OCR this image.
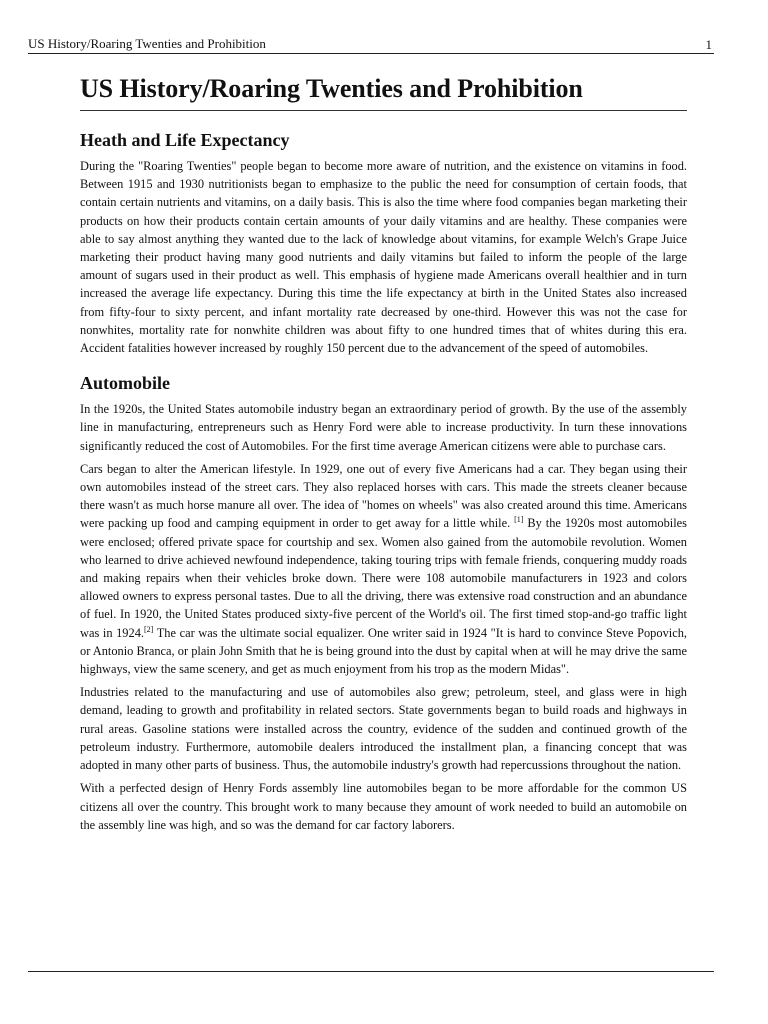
US History/Roaring Twenties and Prohibition	1
US History/Roaring Twenties and Prohibition
Heath and Life Expectancy

During the "Roaring Twenties" people began to become more aware of nutrition, and the existence on vitamins in food. Between 1915 and 1930 nutritionists began to emphasize to the public the need for consumption of certain foods, that contain certain nutrients and vitamins, on a daily basis. This is also the time where food companies began marketing their products on how their products contain certain amounts of your daily vitamins and are healthy. These companies were able to say almost anything they wanted due to the lack of knowledge about vitamins, for example Welch's Grape Juice marketing their product having many good nutrients and daily vitamins but failed to inform the people of the large amount of sugars used in their product as well. This emphasis of hygiene made Americans overall healthier and in turn increased the average life expectancy. During this time the life expectancy at birth in the United States also increased from fifty-four to sixty percent, and infant mortality rate decreased by one-third. However this was not the case for nonwhites, mortality rate for nonwhite children was about fifty to one hundred times that of whites during this era. Accident fatalities however increased by roughly 150 percent due to the advancement of the speed of automobiles.

Automobile

In the 1920s, the United States automobile industry began an extraordinary period of growth. By the use of the assembly line in manufacturing, entrepreneurs such as Henry Ford were able to increase productivity. In turn these innovations significantly reduced the cost of Automobiles. For the first time average American citizens were able to purchase cars.

Cars began to alter the American lifestyle. In 1929, one out of every five Americans had a car. They began using their own automobiles instead of the street cars. They also replaced horses with cars. This made the streets cleaner because there wasn't as much horse manure all over. The idea of "homes on wheels" was also created around this time. Americans were packing up food and camping equipment in order to get away for a little while. [1] By the 1920s most automobiles were enclosed; offered private space for courtship and sex. Women also gained from the automobile revolution. Women who learned to drive achieved newfound independence, taking touring trips with female friends, conquering muddy roads and making repairs when their vehicles broke down. There were 108 automobile manufacturers in 1923 and colors allowed owners to express personal tastes. Due to all the driving, there was extensive road construction and an abundance of fuel. In 1920, the United States produced sixty-five percent of the World's oil. The first timed stop-and-go traffic light was in 1924.[2] The car was the ultimate social equalizer. One writer said in 1924 "It is hard to convince Steve Popovich, or Antonio Branca, or plain John Smith that he is being ground into the dust by capital when at will he may drive the same highways, view the same scenery, and get as much enjoyment from his trop as the modern Midas".

Industries related to the manufacturing and use of automobiles also grew; petroleum, steel, and glass were in high demand, leading to growth and profitability in related sectors. State governments began to build roads and highways in rural areas. Gasoline stations were installed across the country, evidence of the sudden and continued growth of the petroleum industry. Furthermore, automobile dealers introduced the installment plan, a financing concept that was adopted in many other parts of business. Thus, the automobile industry's growth had repercussions throughout the nation.

With a perfected design of Henry Fords assembly line automobiles began to be more affordable for the common US citizens all over the country. This brought work to many because they amount of work needed to build an automobile on the assembly line was high, and so was the demand for car factory laborers.
